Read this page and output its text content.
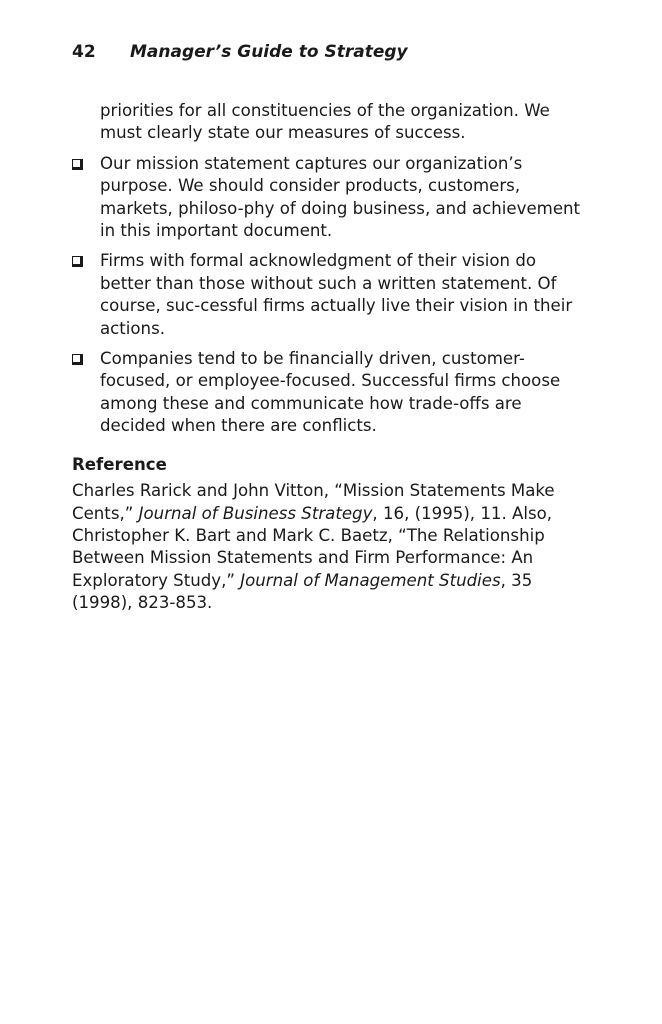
42 Manager’s Guide to Strategy

priorities for all constituencies of the organization. We must clearly state our measures of success.

Our mission statement captures our organization’s purpose. We should consider products, customers, markets, philoso-phy of doing business, and achievement in this important document.
Firms with formal acknowledgment of their vision do better than those without such a written statement. Of course, suc-cessful firms actually live their vision in their actions.
Companies tend to be financially driven, customer-focused, or employee-focused. Successful firms choose among these and communicate how trade-offs are decided when there are conflicts.
Reference

Charles Rarick and John Vitton, “Mission Statements Make Cents,” Journal of Business Strategy, 16, (1995), 11. Also, Christopher K. Bart and Mark C. Baetz, “The Relationship Between Mission Statements and Firm Performance: An Exploratory Study,” Journal of Management Studies, 35 (1998), 823-853.
